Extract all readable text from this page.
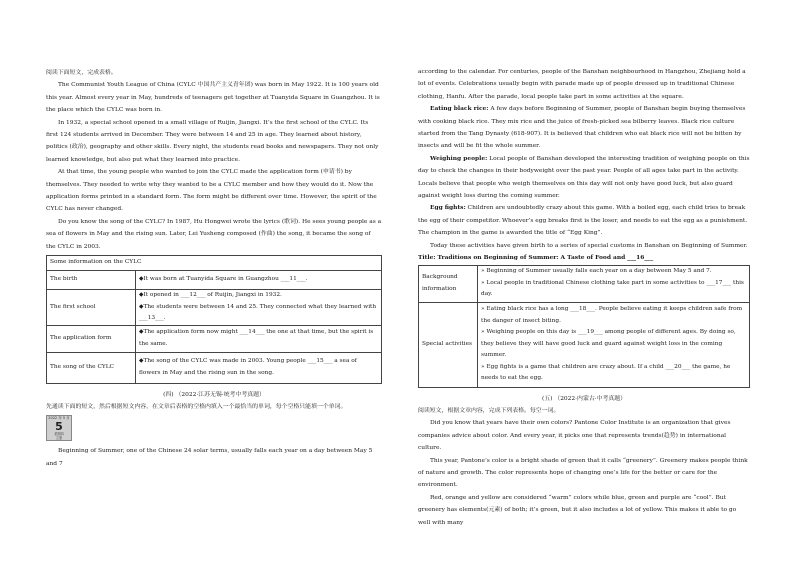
阅读下面短文，完成表格。

The Communist Youth League of China (CYLC 中国共产主义青年团) was born in May 1922. It is 100 years old this year. Almost every year in May, hundreds of teenagers get together at Tuanyida Square in Guangzhou. It is the place which the CYLC was born in.

In 1932, a special school opened in a small village of Ruijin, Jiangxi. It’s the first school of the CYLC. Its first 124 students arrived in December. They were between 14 and 25 in age. They learned about history, politics (政治), geography and other skills. Every night, the students read books and newspapers. They not only learned knowledge, but also put what they learned into practice.

At that time, the young people who wanted to join the CYLC made the application form (申请书) by themselves. They needed to write why they wanted to be a CYLC member and how they would do it. Now the application forms printed in a standard form. The form might be different over time. However, the spirit of the CYLC has never changed.

Do you know the song of the CYLC? In 1987, Hu Hongwei wrote the lyrics (歌词). He sees young people as a sea of flowers in May and the rising sun. Later, Lei Yusheng composed (作曲) the song, it became the song of the CYLC in 2003.

Some information on the CYLC	
The birth	◆It was born at Tuanyida Square in Guangzhou ___11___.
The first school	◆It opened in ___12___ of Ruijin, Jiangxi in 1932.
◆The students were between 14 and 25. They connected what they learned with ___13___.

The application form	◆The application form now might ___14___ the one at that time, but the spirit is the same.
The song of the CYLC	◆The song of the CYLC was made in 2003. Young people ___15___ a sea of flowers in May and the rising sun in the song.

(四) （2022·江苏无锡·统考中考真题）

先通读下面的短文，然后根据短文内容，在文章后表格的空格内填入一个最恰当的单词，每个空格只能填一个单词。

2022 年 5 月
5
星期四
立夏

Beginning of Summer, one of the Chinese 24 solar terms, usually falls each year on a day between May 5 and 7

according to the calendar. For centuries, people of the Banshan neighbourhood in Hangzhou, Zhejiang hold a lot of events. Celebrations usually begin with parade made up of people dressed up in traditional Chinese clothing, Hanfu. After the parade, local people take part in some activities at the square.

Eating black rice: A few days before Beginning of Summer, people of Banshan begin buying themselves with cooking black rice. They mix rice and the juice of fresh-picked sea bilberry leaves. Black rice culture started from the Tang Dynasty (618-907). It is believed that children who eat black rice will not be bitten by insects and will be fit the whole summer.

Weighing people: Local people of Banshan developed the interesting tradition of weighing people on this day to check the changes in their bodyweight over the past year. People of all ages take part in the activity. Locals believe that people who weigh themselves on this day will not only have good luck, but also guard against weight loss during the coming summer.

Egg fights: Children are undoubtedly crazy about this game. With a boiled egg, each child tries to break the egg of their competitor. Whoever’s egg breaks first is the loser, and needs to eat the egg as a punishment. The champion in the game is awarded the title of “Egg King”.

Today these activities have given birth to a series of special customs in Banshan on Beginning of Summer.

Title: Traditions on Beginning of Summer: A Taste of Food and ___16___

Background information	» Beginning of Summer usually falls each year on a day between May 5 and 7.
» Local people in traditional Chinese clothing take part in some activities to ___17___ this day.

Special activities	» Eating black rice has a long ___18___. People believe eating it keeps children safe from the danger of insect biting.
» Weighing people on this day is ___19___ among people of different ages. By doing so, they believe they will have good luck and guard against weight loss in the coming summer.
» Egg fights is a game that children are crazy about. If a child ___20___ the game, he needs to eat the egg.

(五) （2022·内蒙古·中考真题）

阅读短文，根据文章内容，完成下列表格。每空一词。

Did you know that years have their own colors? Pantone Color Institute is an organization that gives companies advice about color. And every year, it picks one that represents trends(趋势) in international culture.

This year, Pantone’s color is a bright shade of green that it calls “greenery”. Greenery makes people think of nature and growth. The color represents hope of changing one’s life for the better or care for the environment.

Red, orange and yellow are considered “warm” colors while blue, green and purple are “cool”. But greenery has elements(元素) of both; it’s green, but it also includes a lot of yellow. This makes it able to go well with many
